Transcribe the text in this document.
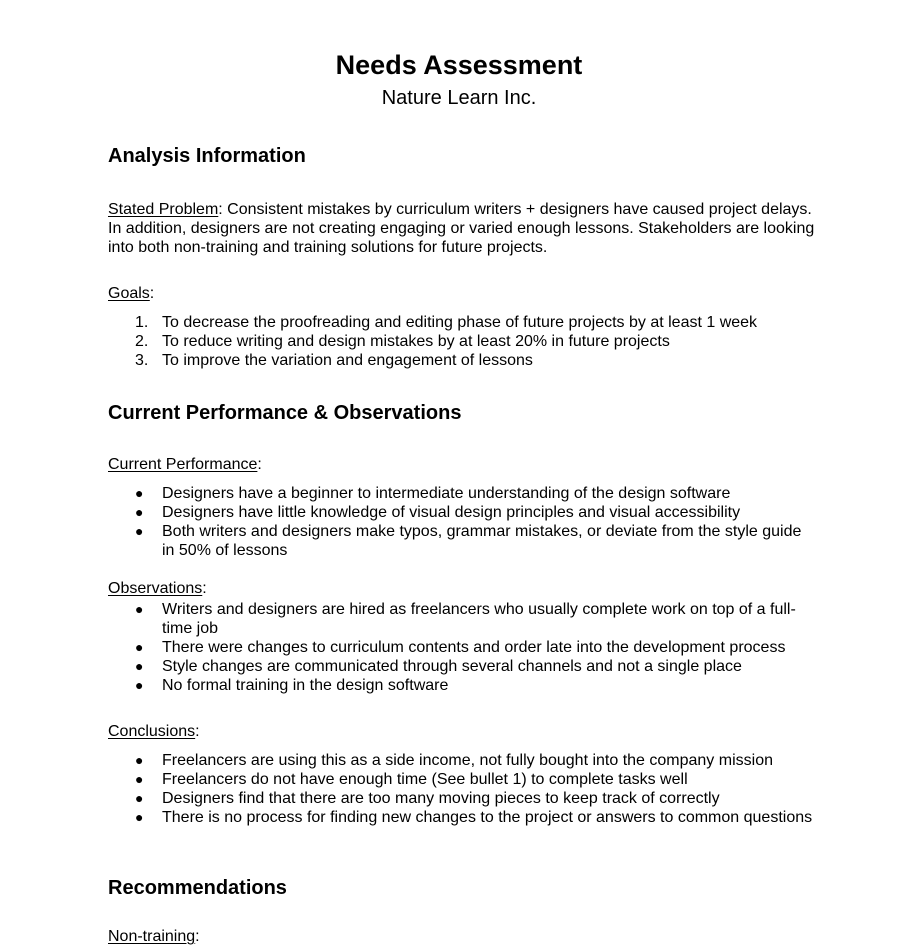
Needs Assessment
Nature Learn Inc.
Analysis Information
Stated Problem: Consistent mistakes by curriculum writers + designers have caused project delays. In addition, designers are not creating engaging or varied enough lessons. Stakeholders are looking into both non-training and training solutions for future projects.
Goals:
1. To decrease the proofreading and editing phase of future projects by at least 1 week
2. To reduce writing and design mistakes by at least 20% in future projects
3. To improve the variation and engagement of lessons
Current Performance & Observations
Current Performance:
●	Designers have a beginner to intermediate understanding of the design software
●	Designers have little knowledge of visual design principles and visual accessibility
●	Both writers and designers make typos, grammar mistakes, or deviate from the style guide in 50% of lessons
Observations:
●	Writers and designers are hired as freelancers who usually complete work on top of a full-time job
●	There were changes to curriculum contents and order late into the development process
●	Style changes are communicated through several channels and not a single place
●	No formal training in the design software
Conclusions:
●	Freelancers are using this as a side income, not fully bought into the company mission
●	Freelancers do not have enough time (See bullet 1) to complete tasks well
●	Designers find that there are too many moving pieces to keep track of correctly
●	There is no process for finding new changes to the project or answers to common questions
Recommendations
Non-training:
